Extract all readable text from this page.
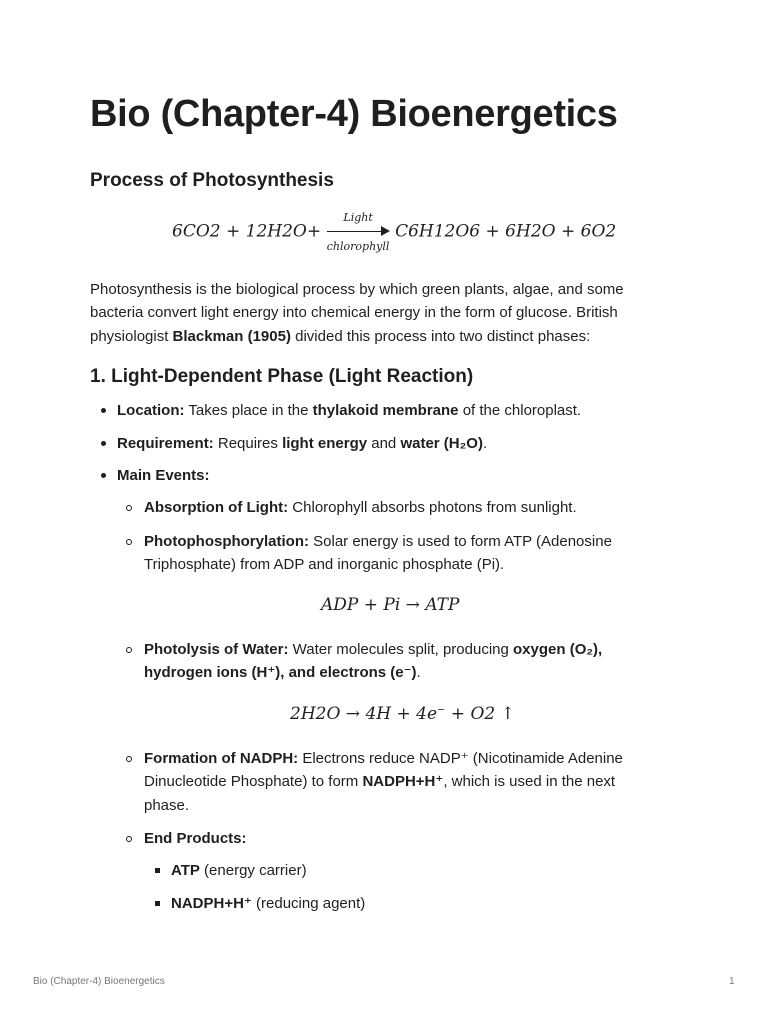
Bio (Chapter-4) Bioenergetics
Process of Photosynthesis
6CO2 + 12H2O+
Light
chlorophyll
C6H12O6 + 6H2O + 6O2

Photosynthesis is the biological process by which green plants, algae, and some bacteria convert light energy into chemical energy in the form of glucose. British physiologist Blackman (1905) divided this process into two distinct phases:

1. Light-Dependent Phase (Light Reaction)
Location: Takes place in the thylakoid membrane of the chloroplast.
Requirement: Requires light energy and water (H₂O).
Main Events:
Absorption of Light: Chlorophyll absorbs photons from sunlight.
Photophosphorylation: Solar energy is used to form ATP (Adenosine Triphosphate) from ADP and inorganic phosphate (Pi).
ADP + Pi → ATP
Photolysis of Water: Water molecules split, producing oxygen (O₂), hydrogen ions (H⁺), and electrons (e⁻).
2H2O → 4H + 4e− + O2 ↑
Formation of NADPH: Electrons reduce NADP⁺ (Nicotinamide Adenine Dinucleotide Phosphate) to form NADPH+H⁺, which is used in the next phase.
End Products:
ATP (energy carrier)
NADPH+H⁺ (reducing agent)
Bio (Chapter-4) Bioenergetics	1
